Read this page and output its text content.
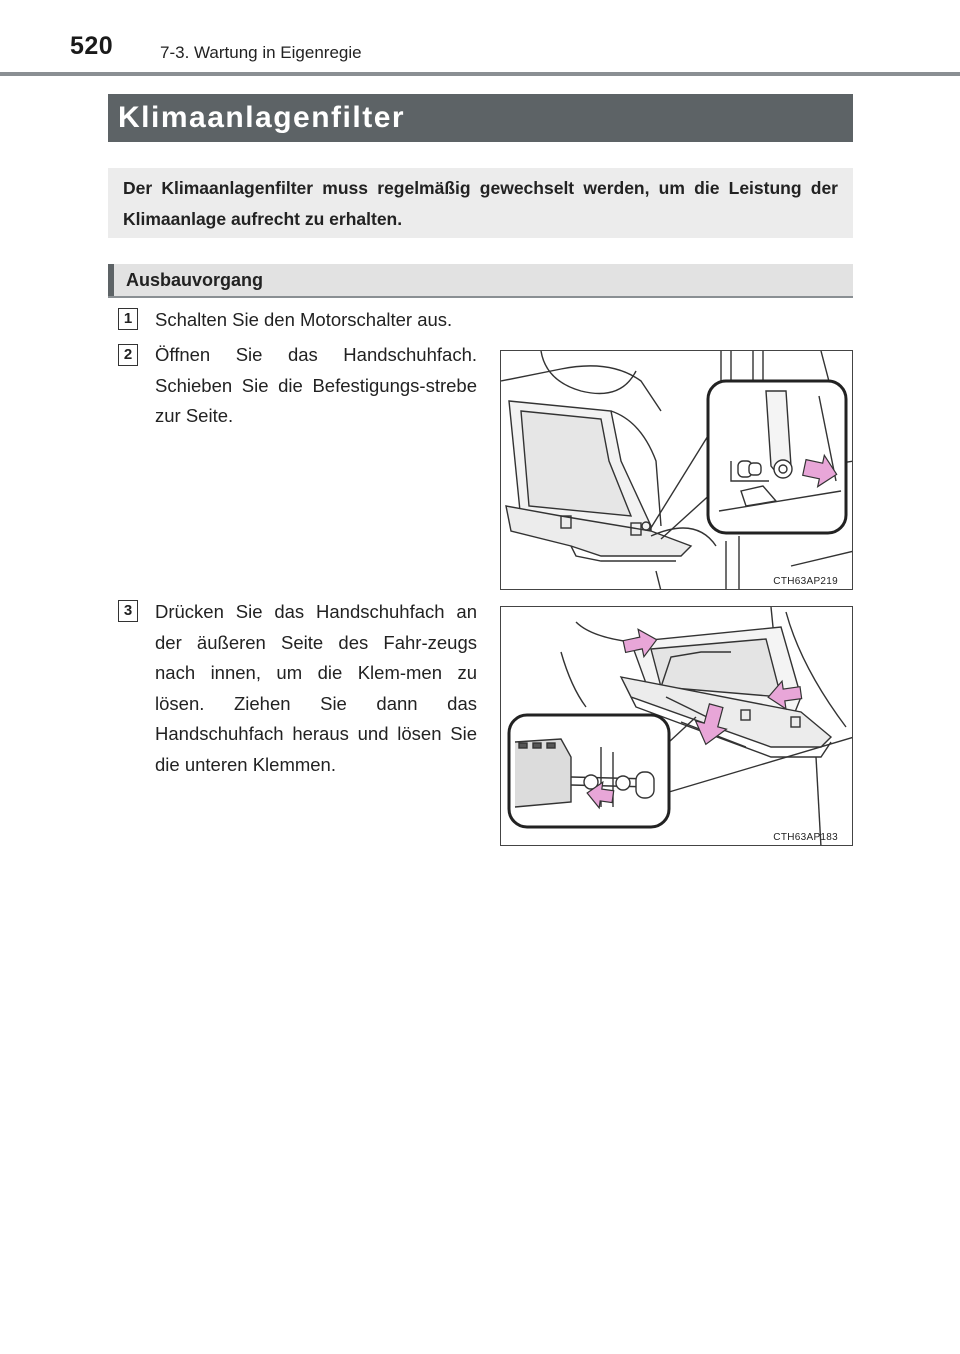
520	7-3. Wartung in Eigenregie
Klimaanlagenfilter
Der Klimaanlagenfilter muss regelmäßig gewechselt werden, um die Leistung der Klimaanlage aufrecht zu erhalten.
Ausbauvorgang
1	Schalten Sie den Motorschalter aus.
2	Öffnen Sie das Handschuhfach. Schieben Sie die Befestigungs-strebe zur Seite.
CTH63AP219
3	Drücken Sie das Handschuhfach an der äußeren Seite des Fahr-zeugs nach innen, um die Klem-men zu lösen. Ziehen Sie dann das Handschuhfach heraus und lösen Sie die unteren Klemmen.
CTH63AP183
